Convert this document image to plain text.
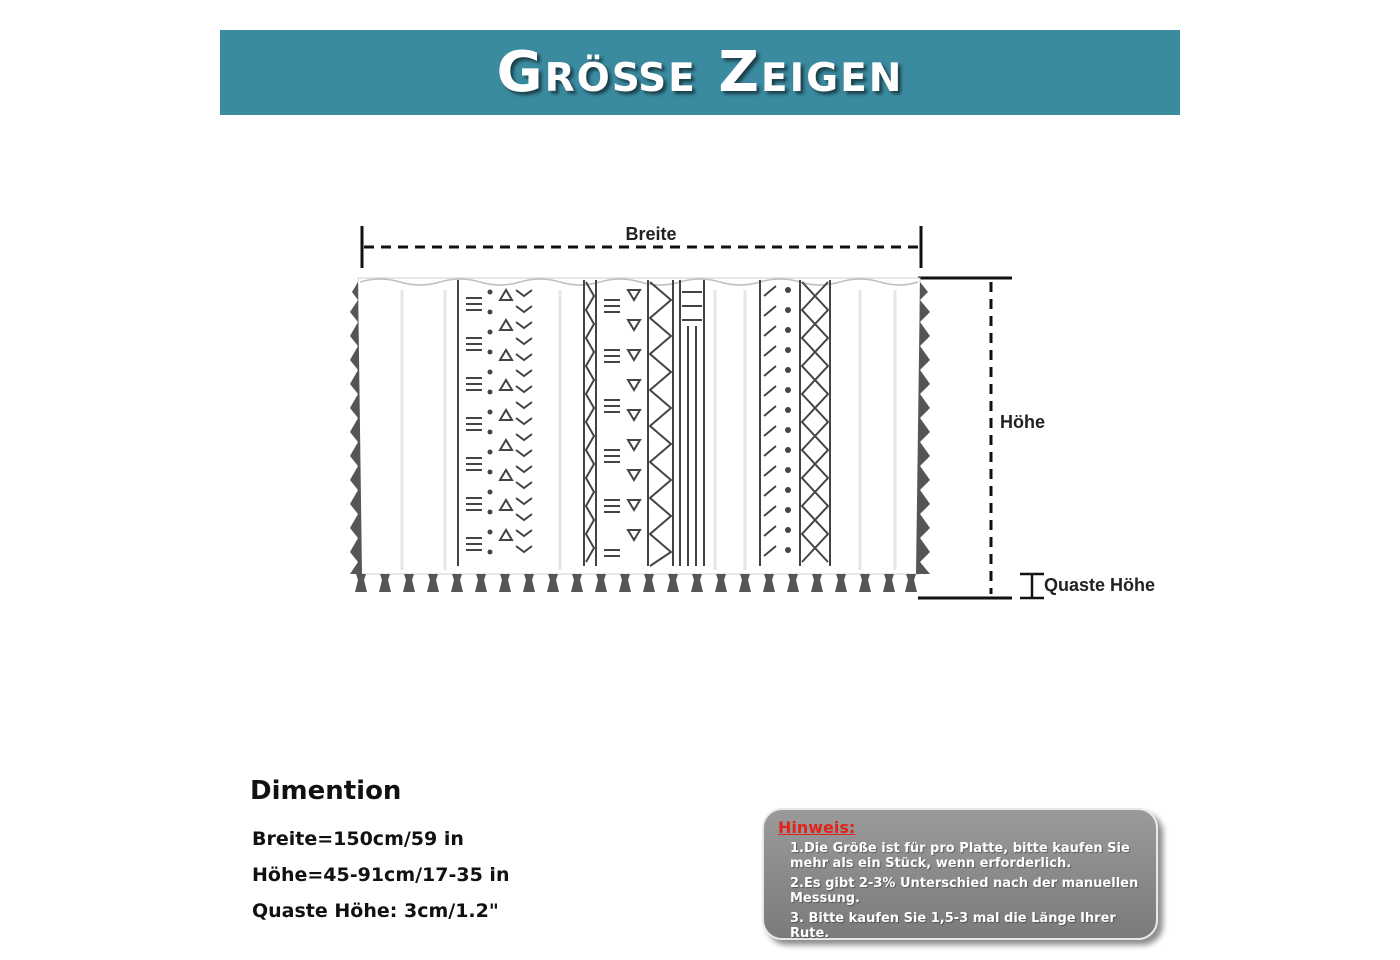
Größe Zeigen
Breite
Höhe
Quaste Höhe
Dimention
Breite=150cm/59 in
Höhe=45-91cm/17-35 in
Quaste Höhe: 3cm/1.2"
Hinweis:
1.Die Größe ist für pro Platte, bitte kaufen Sie mehr als ein Stück, wenn erforderlich.
2.Es gibt 2-3% Unterschied nach der manuellen Messung.
3. Bitte kaufen Sie 1,5-3 mal die Länge Ihrer Rute.
